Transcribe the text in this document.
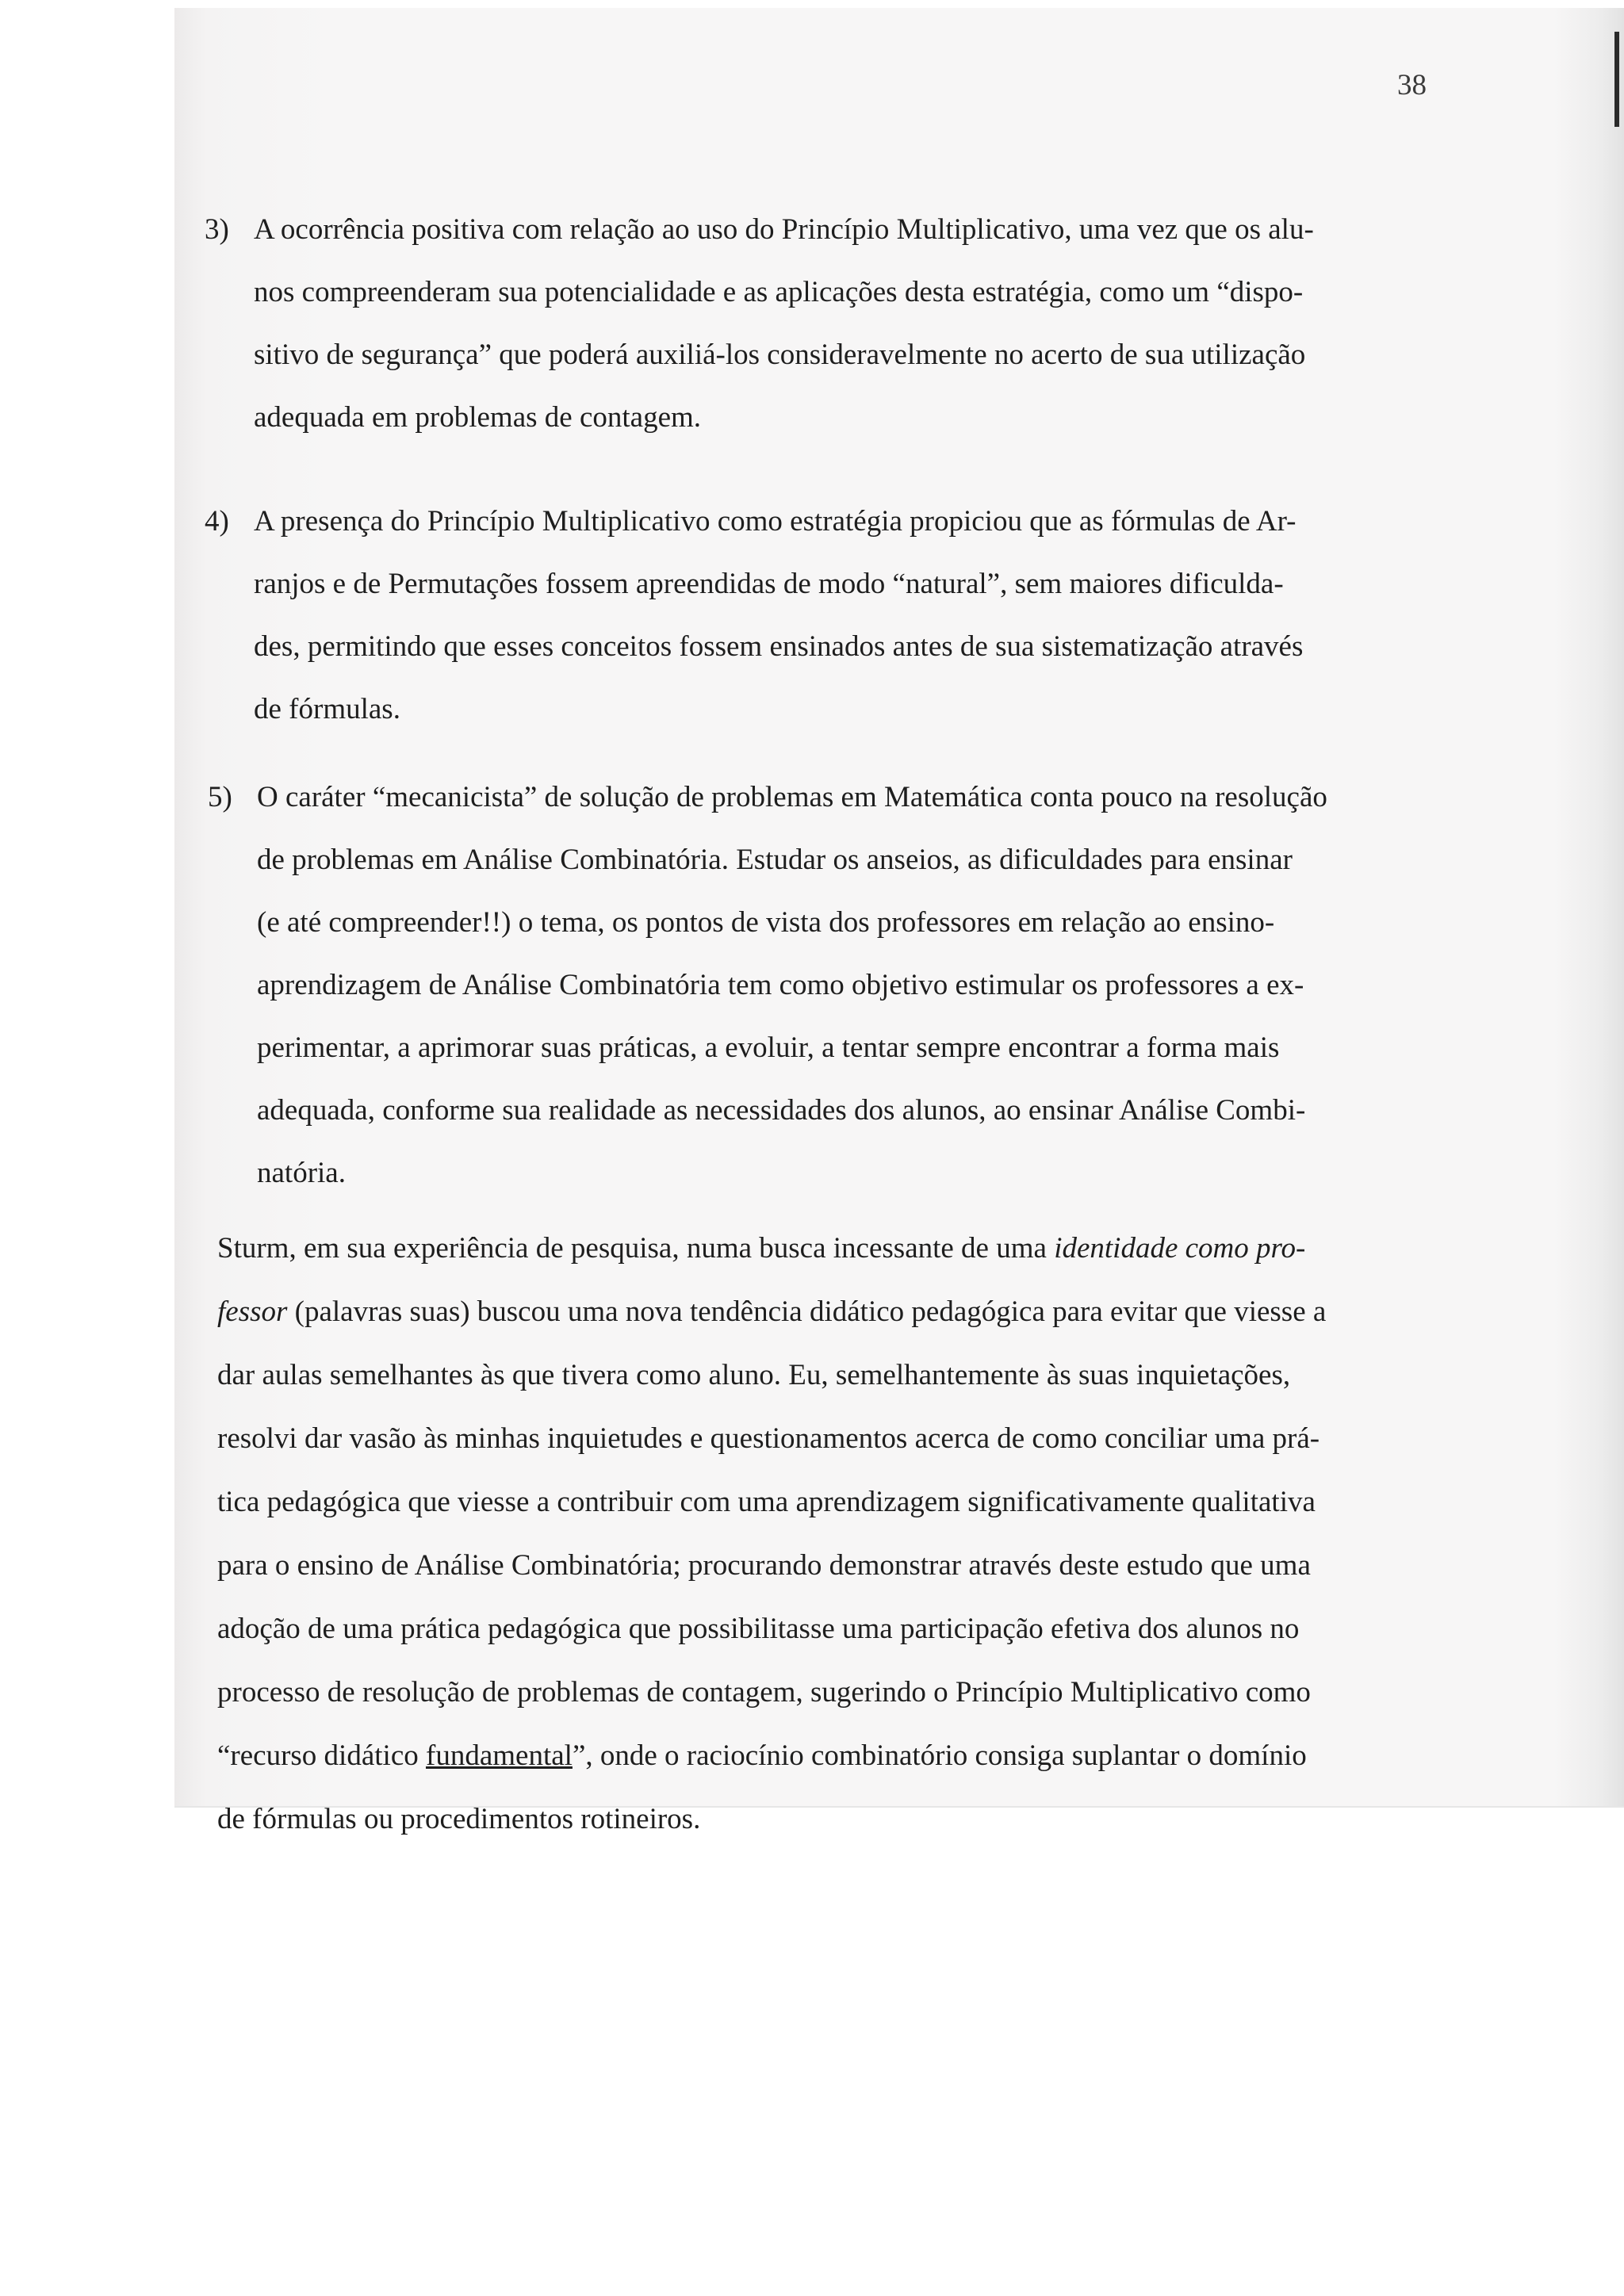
38
3) A ocorrência positiva com relação ao uso do Princípio Multiplicativo, uma vez que os alu-
nos compreenderam sua potencialidade e as aplicações desta estratégia, como um “dispo-
sitivo de segurança” que poderá auxiliá-los consideravelmente no acerto de sua utilização
adequada em problemas de contagem.
4) A presença do Princípio Multiplicativo como estratégia propiciou que as fórmulas de Ar-
ranjos e de Permutações fossem apreendidas de modo “natural”, sem maiores dificulda-
des, permitindo que esses conceitos fossem ensinados antes de sua sistematização através
de fórmulas.
5) O caráter “mecanicista” de solução de problemas em Matemática conta pouco na resolução
de problemas em Análise Combinatória. Estudar os anseios, as dificuldades para ensinar
(e até compreender!!) o tema, os pontos de vista dos professores em relação ao ensino-
aprendizagem de Análise Combinatória tem como objetivo estimular os professores a ex-
perimentar, a aprimorar suas práticas, a evoluir, a tentar sempre encontrar a forma mais
adequada, conforme sua realidade as necessidades dos alunos, ao ensinar Análise Combi-
natória.
Sturm, em sua experiência de pesquisa, numa busca incessante de uma identidade como pro-
fessor (palavras suas) buscou uma nova tendência didático pedagógica para evitar que viesse a
dar aulas semelhantes às que tivera como aluno. Eu, semelhantemente às suas inquietações,
resolvi dar vasão às minhas inquietudes e questionamentos acerca de como conciliar uma prá-
tica pedagógica que viesse a contribuir com uma aprendizagem significativamente qualitativa
para o ensino de Análise Combinatória; procurando demonstrar através deste estudo que uma
adoção de uma prática pedagógica que possibilitasse uma participação efetiva dos alunos no
processo de resolução de problemas de contagem, sugerindo o Princípio Multiplicativo como
“recurso didático fundamental”, onde o raciocínio combinatório consiga suplantar o domínio
de fórmulas ou procedimentos rotineiros.
